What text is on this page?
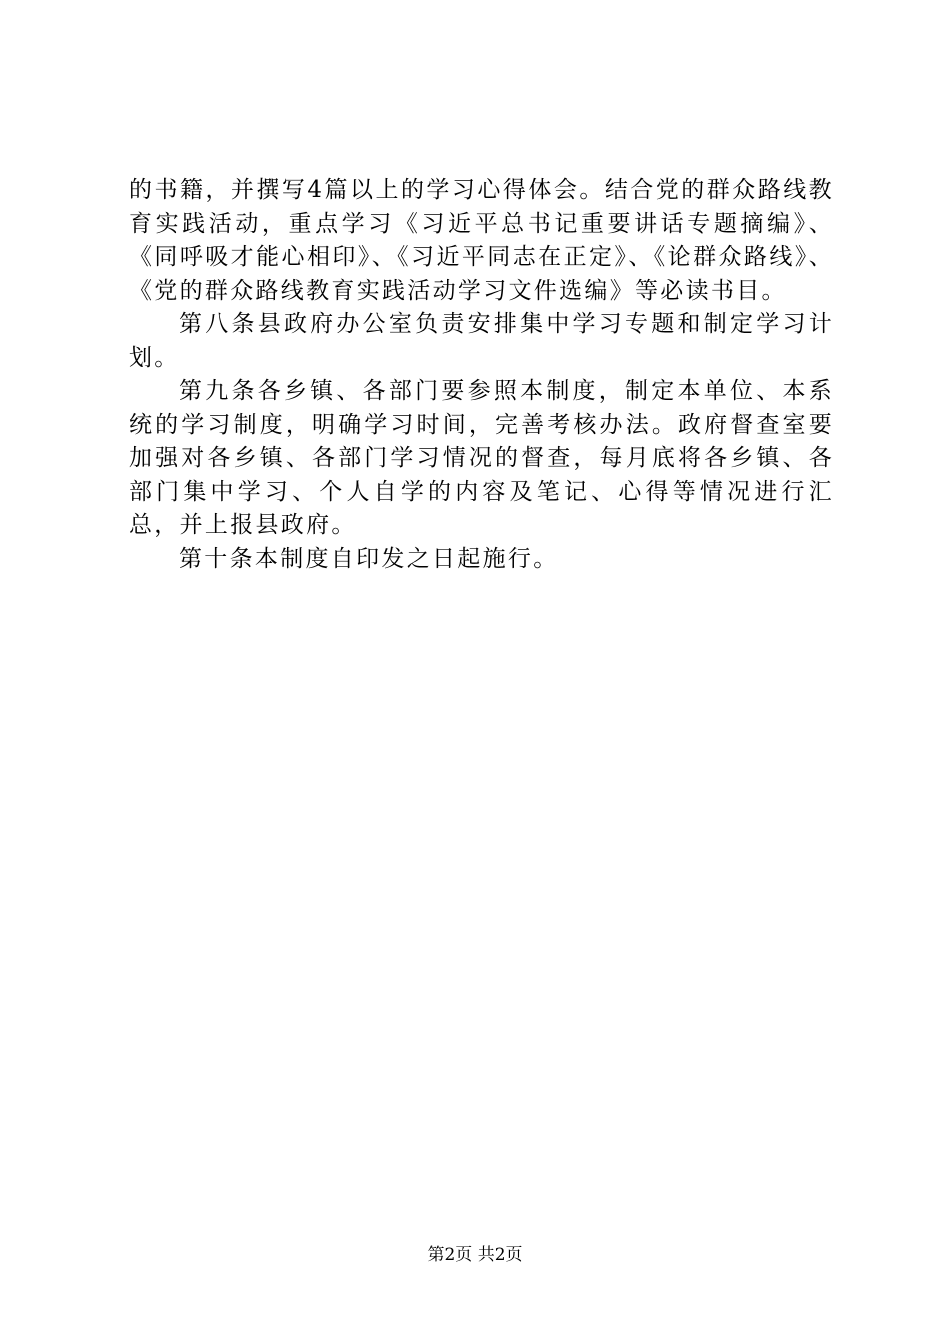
的书籍，并撰写4篇以上的学习心得体会。结合党的群众路线教育实践活动，重点学习《习近平总书记重要讲话专题摘编》、《同呼吸才能心相印》、《习近平同志在正定》、《论群众路线》、《党的群众路线教育实践活动学习文件选编》等必读书目。

第八条县政府办公室负责安排集中学习专题和制定学习计划。

第九条各乡镇、各部门要参照本制度，制定本单位、本系统的学习制度，明确学习时间，完善考核办法。政府督查室要加强对各乡镇、各部门学习情况的督查，每月底将各乡镇、各部门集中学习、个人自学的内容及笔记、心得等情况进行汇总，并上报县政府。

第十条本制度自印发之日起施行。

第2页 共2页
